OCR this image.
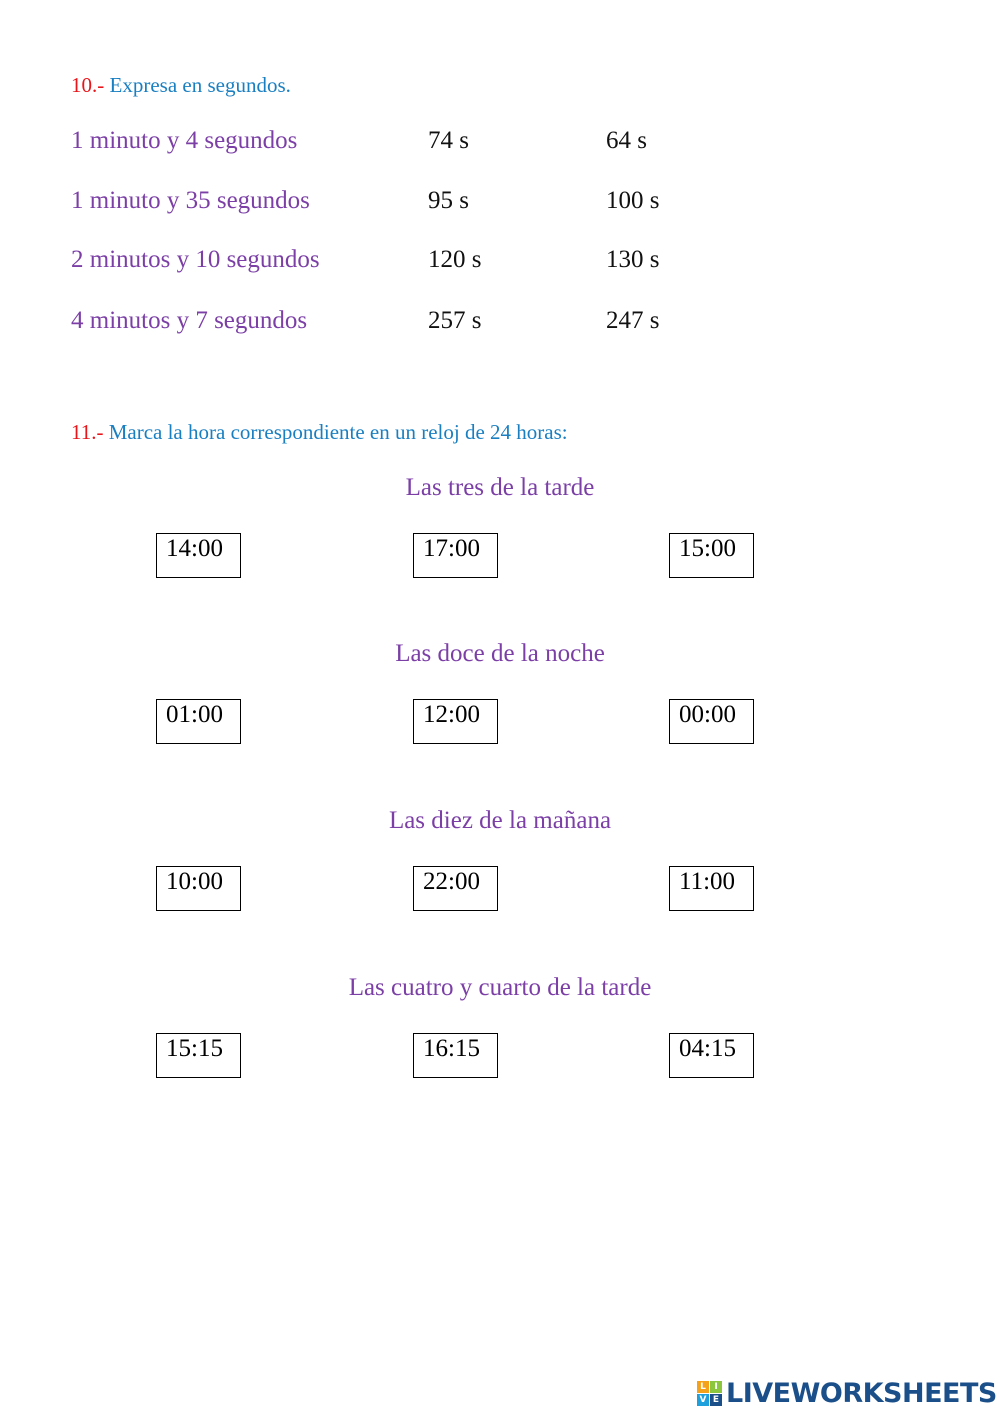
10.- Expresa en segundos.
1 minuto y 4 segundos	74 s	64 s
1 minuto y 35 segundos	95 s	100 s
2 minutos y 10 segundos	120 s	130 s
4 minutos y 7 segundos	257 s	247 s
11.- Marca la hora correspondiente en un reloj de 24 horas:
Las tres de la tarde
14:00	17:00	15:00
Las doce de la noche
01:00	12:00	00:00
Las diez de la mañana
10:00	22:00	11:00
Las cuatro y cuarto de la tarde
15:15	16:15	04:15
L I
V E LIVEWORKSHEETS
